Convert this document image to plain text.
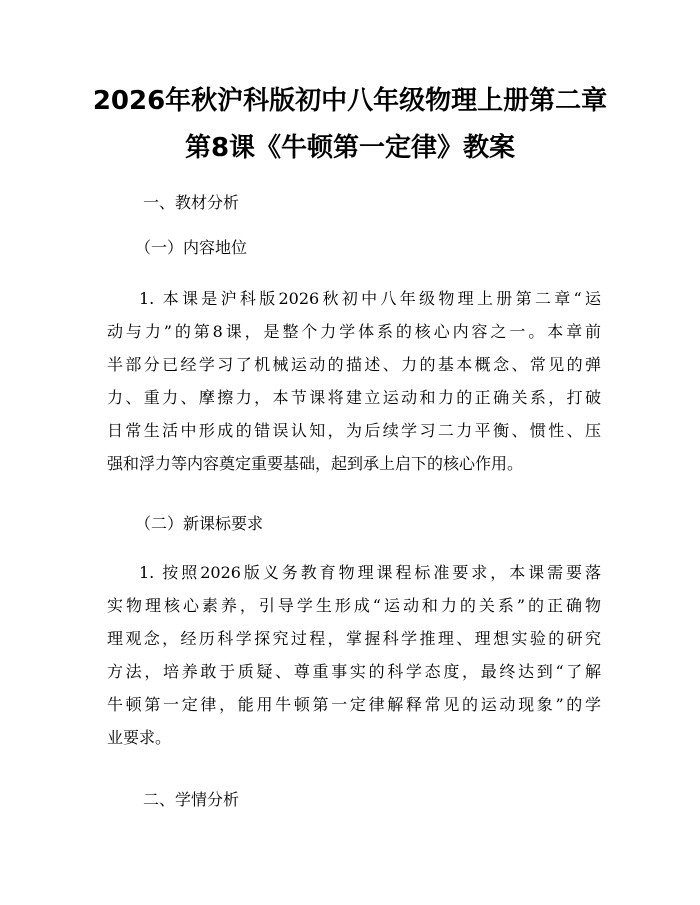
2026年秋沪科版初中八年级物理上册第二章
第8课《牛顿第一定律》教案

一、教材分析

（一）内容地位

1. 本课是沪科版2026秋初中八年级物理上册第二章“运
动与力”的第8课，是整个力学体系的核心内容之一。本章前
半部分已经学习了机械运动的描述、力的基本概念、常见的弹
力、重力、摩擦力，本节课将建立运动和力的正确关系，打破
日常生活中形成的错误认知，为后续学习二力平衡、惯性、压
强和浮力等内容奠定重要基础，起到承上启下的核心作用。

（二）新课标要求

1. 按照2026版义务教育物理课程标准要求，本课需要落
实物理核心素养，引导学生形成“运动和力的关系”的正确物
理观念，经历科学探究过程，掌握科学推理、理想实验的研究
方法，培养敢于质疑、尊重事实的科学态度，最终达到“了解
牛顿第一定律，能用牛顿第一定律解释常见的运动现象”的学
业要求。

二、学情分析
